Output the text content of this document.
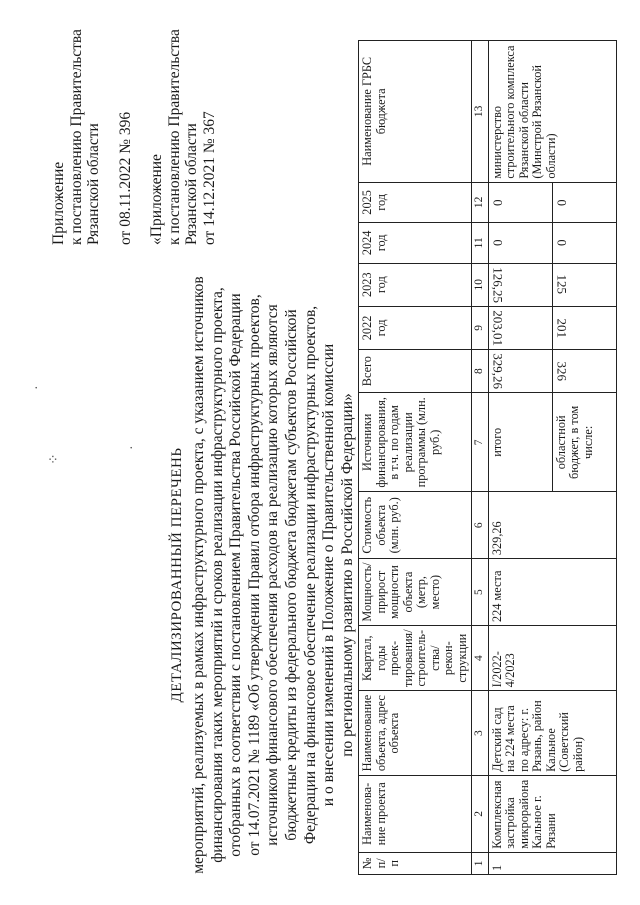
·
⁘
·
Приложение к постановлению Правительства Рязанской области от 08.11.2022 № 396 «Приложение к постановлению Правительства Рязанской области от 14.12.2021 № 367
ДЕТАЛИЗИРОВАННЫЙ ПЕРЕЧЕНЬ мероприятий, реализуемых в рамках инфраструктурного проекта, с указанием источников финансирования таких мероприятий и сроков реализации инфраструктурного проекта, отобранных в соответствии с постановлением Правительства Российской Федерации от 14.07.2021 № 1189 «Об утверждении Правил отбора инфраструктурных проектов, источником финансового обеспечения расходов на реализацию которых являются бюджетные кредиты из федерального бюджета бюджетам субъектов Российской Федерации на финансовое обеспечение реализации инфраструктурных проектов, и о внесении изменений в Положение о Правительственной комиссии по региональному развитию в Российской Федерации»
№ п/п	Наименова-ние проекта	Наименование объекта, адрес объекта	Квартал, годы проек-тирования/ строитель-ства/рекон-струкции	Мощность/ прирост мощности объекта (метр, место)	Стоимость объекта (млн. руб.)	Источники финансирования, в т.ч. по годам реализации программы (млн. руб.)	Всего	2022 год	2023 год	2024 год	2025 год	Наименование ГРБС бюджета
1	2	3	4	5	6	7	8	9	10	11	12	13
1	Комплексная застройка микрорайона Кальное г. Рязани	Детский сад на 224 места по адресу: г. Рязань, район Кальное (Советский район)	I/2022-4/2023	224 места	329,26	итого	329,26	203,01	126,25	0	0	министерство строительного комплекса Рязанской области (Минстрой Рязанской области)
						областной бюджет, в том числе:	326	201	125	0	0	
